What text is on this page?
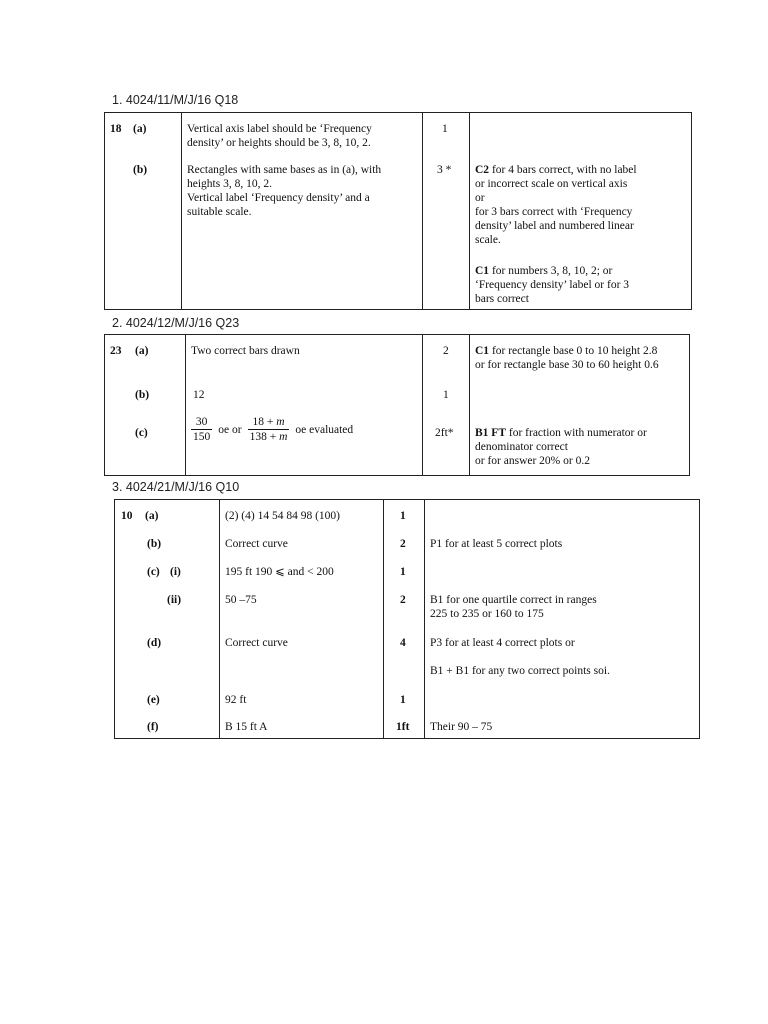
1. 4024/11/M/J/16 Q18
18 (a)	Vertical axis label should be ‘Frequency
density’ or heights should be 3, 8, 10, 2.
1
(b)	Rectangles with same bases as in (a), with
heights 3, 8, 10, 2.
Vertical label ‘Frequency density’ and a
suitable scale.
3 * C2 for 4 bars correct, with no label
or incorrect scale on vertical axis
or
for 3 bars correct with ‘Frequency
density’ label and numbered linear
scale.
C1 for numbers 3, 8, 10, 2; or
‘Frequency density’ label or for 3
bars correct
2. 4024/12/M/J/16 Q23
23 (a)	Two correct bars drawn	2 C1 for rectangle base 0 to 10 height 2.8
or for rectangle base 30 to 60 height 0.6
(b)	12	1
(c)	$\frac{30}{150}$ oe or $\frac{18 + m}{138 + m}$ oe evaluated	2ft* B1 FT for fraction with numerator or
denominator correct
or for answer 20% or 0.2
3. 4024/21/M/J/16 Q10
10 (a)	(2) (4) 14 54 84 98 (100)	1
(b)	Correct curve	2 P1 for at least 5 correct plots
(c) (i)	195 ft 190 ⩽ and < 200	1
(ii)	50 –75	2 B1 for one quartile correct in ranges
225 to 235 or 160 to 175
(d)	Correct curve	4 P3 for at least 4 correct plots or
B1 + B1 for any two correct points soi.
(e)	92 ft	1
(f)	B 15 ft A	1ft Their 90 – 75
